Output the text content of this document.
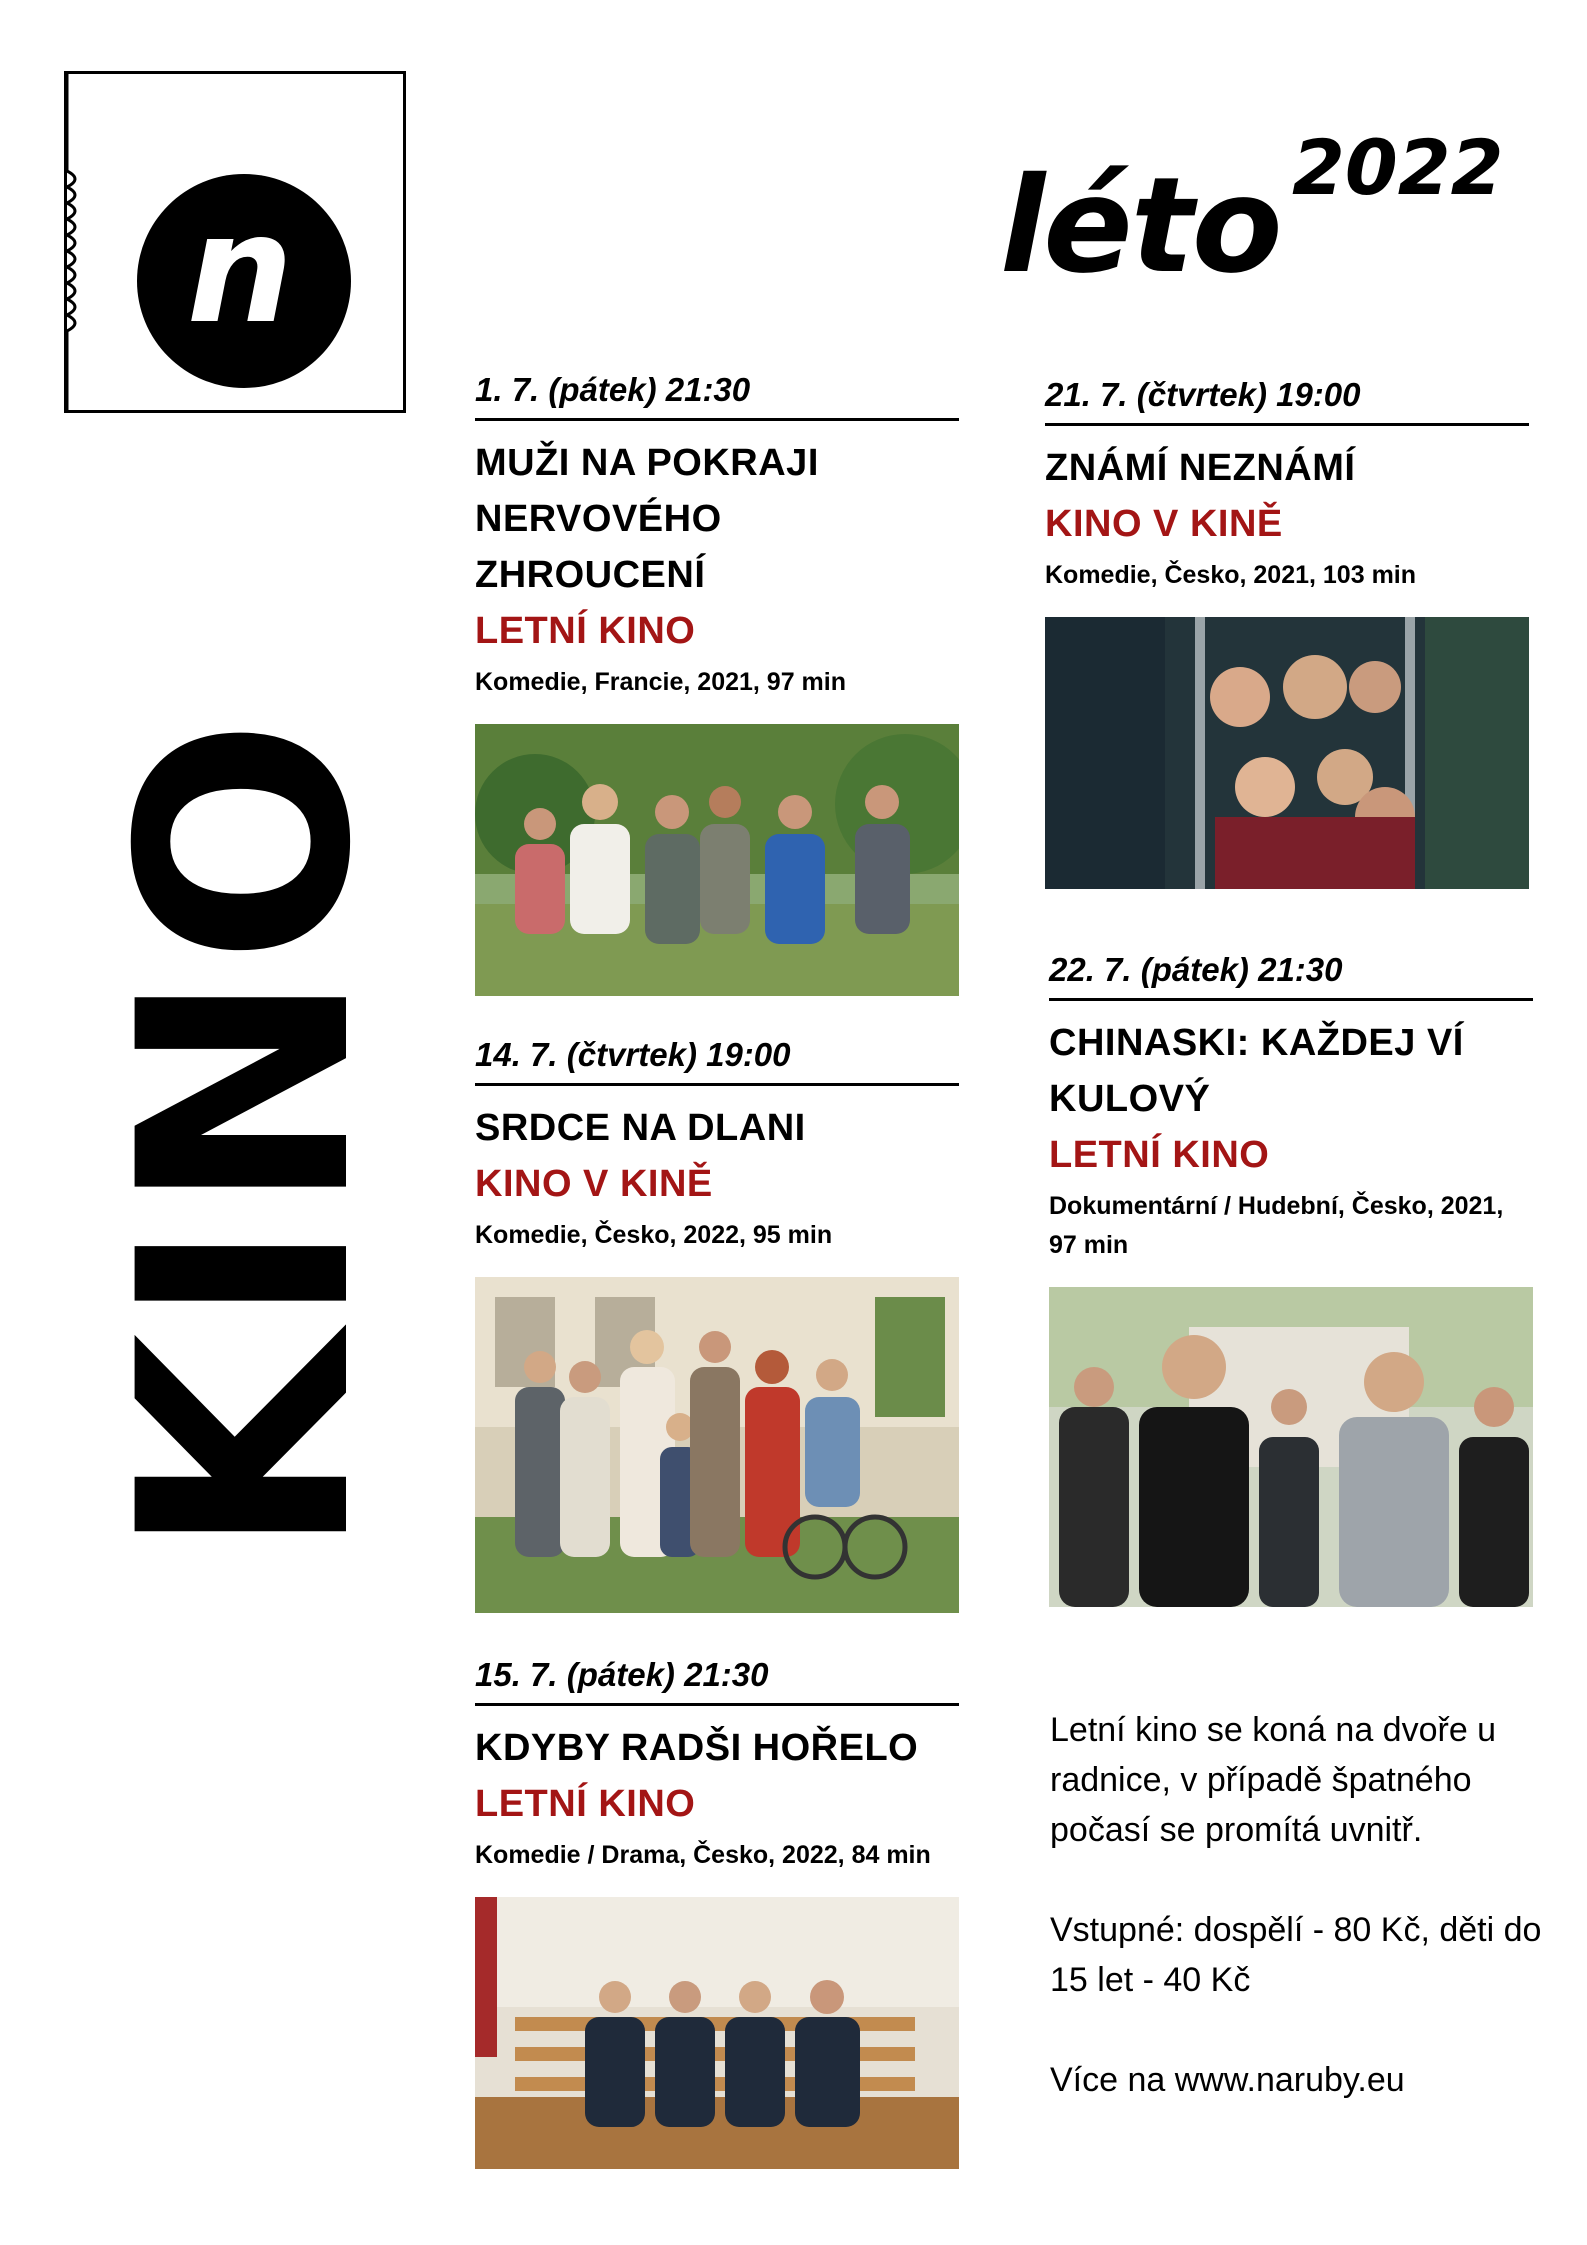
n	léto 2022
KINO
1. 7. (pátek) 21:30
MUŽI NA POKRAJI NERVOVÉHO ZHROUCENÍ
LETNÍ KINO
Komedie, Francie, 2021, 97 min
14. 7. (čtvrtek) 19:00
SRDCE NA DLANI
KINO V KINĚ
Komedie, Česko, 2022, 95 min
15. 7. (pátek) 21:30
KDYBY RADŠI HOŘELO
LETNÍ KINO
Komedie / Drama, Česko, 2022, 84 min
21. 7. (čtvrtek) 19:00
ZNÁMÍ NEZNÁMÍ
KINO V KINĚ
Komedie, Česko, 2021, 103 min
22. 7. (pátek) 21:30
CHINASKI: KAŽDEJ VÍ KULOVÝ
LETNÍ KINO
Dokumentární / Hudební, Česko, 2021, 97 min

Letní kino se koná na dvoře u radnice, v případě špatného počasí se promítá uvnitř.

Vstupné: dospělí - 80 Kč, děti do 15 let - 40 Kč

Více na www.naruby.eu
